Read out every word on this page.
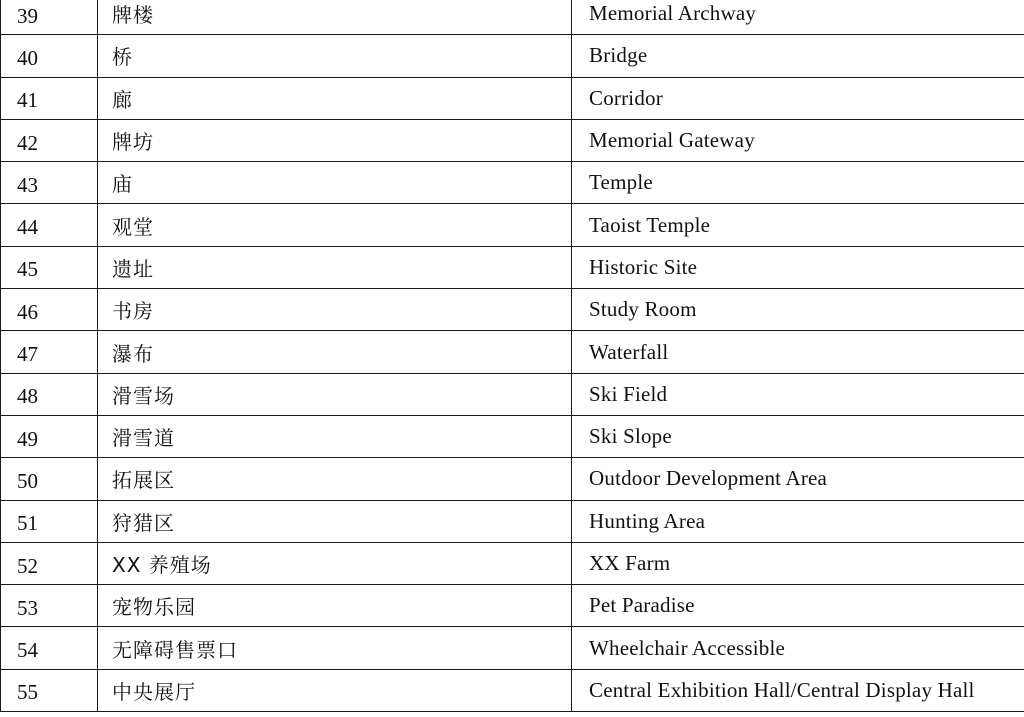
39	牌楼	Memorial Archway
40	桥	Bridge
41	廊	Corridor
42	牌坊	Memorial Gateway
43	庙	Temple
44	观堂	Taoist Temple
45	遗址	Historic Site
46	书房	Study Room
47	瀑布	Waterfall
48	滑雪场	Ski Field
49	滑雪道	Ski Slope
50	拓展区	Outdoor Development Area
51	狩猎区	Hunting Area
52	XX 养殖场	XX Farm
53	宠物乐园	Pet Paradise
54	无障碍售票口	Wheelchair Accessible
55	中央展厅	Central Exhibition Hall/Central Display Hall
